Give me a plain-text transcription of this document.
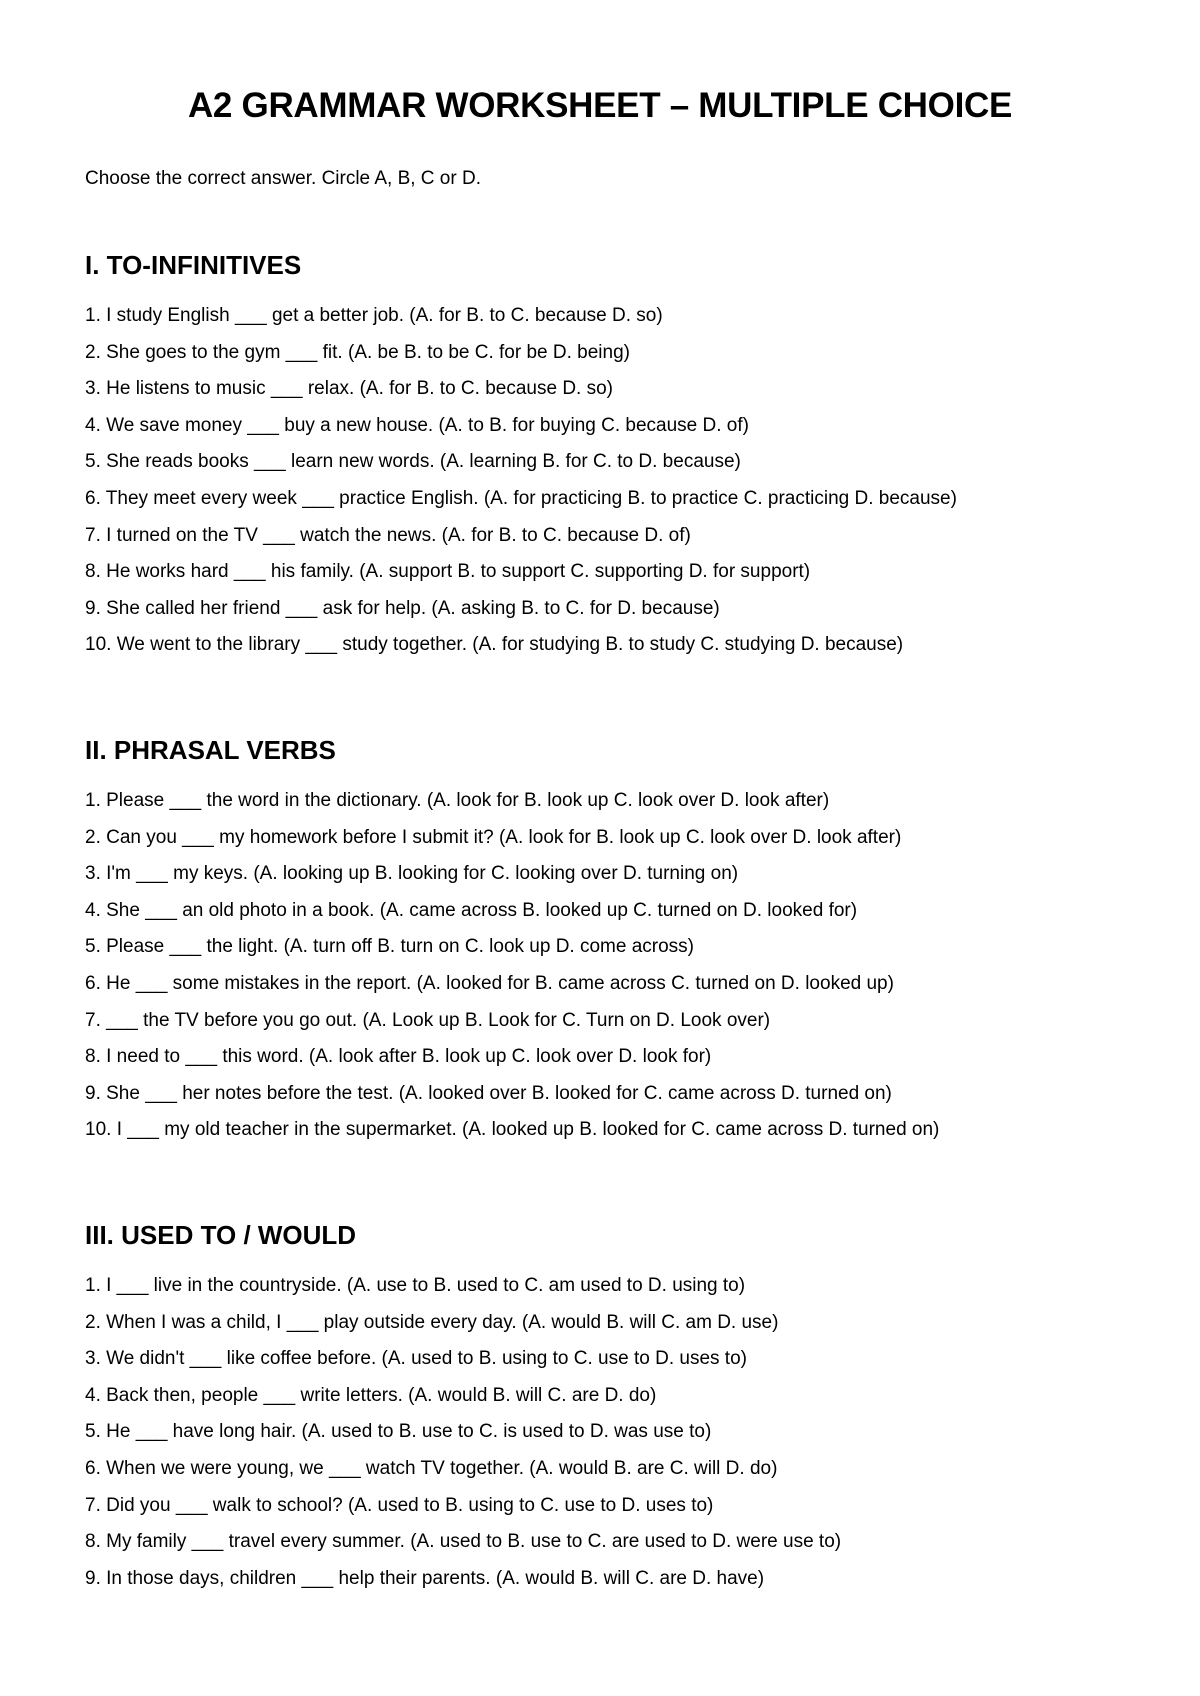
A2 GRAMMAR WORKSHEET – MULTIPLE CHOICE
Choose the correct answer. Circle A, B, C or D.
I. TO-INFINITIVES
1. I study English ___ get a better job. (A. for B. to C. because D. so)
2. She goes to the gym ___ fit. (A. be B. to be C. for be D. being)
3. He listens to music ___ relax. (A. for B. to C. because D. so)
4. We save money ___ buy a new house. (A. to B. for buying C. because D. of)
5. She reads books ___ learn new words. (A. learning B. for C. to D. because)
6. They meet every week ___ practice English. (A. for practicing B. to practice C. practicing D. because)
7. I turned on the TV ___ watch the news. (A. for B. to C. because D. of)
8. He works hard ___ his family. (A. support B. to support C. supporting D. for support)
9. She called her friend ___ ask for help. (A. asking B. to C. for D. because)
10. We went to the library ___ study together. (A. for studying B. to study C. studying D. because)
II. PHRASAL VERBS
1. Please ___ the word in the dictionary. (A. look for B. look up C. look over D. look after)
2. Can you ___ my homework before I submit it? (A. look for B. look up C. look over D. look after)
3. I'm ___ my keys. (A. looking up B. looking for C. looking over D. turning on)
4. She ___ an old photo in a book. (A. came across B. looked up C. turned on D. looked for)
5. Please ___ the light. (A. turn off B. turn on C. look up D. come across)
6. He ___ some mistakes in the report. (A. looked for B. came across C. turned on D. looked up)
7. ___ the TV before you go out. (A. Look up B. Look for C. Turn on D. Look over)
8. I need to ___ this word. (A. look after B. look up C. look over D. look for)
9. She ___ her notes before the test. (A. looked over B. looked for C. came across D. turned on)
10. I ___ my old teacher in the supermarket. (A. looked up B. looked for C. came across D. turned on)
III. USED TO / WOULD
1. I ___ live in the countryside. (A. use to B. used to C. am used to D. using to)
2. When I was a child, I ___ play outside every day. (A. would B. will C. am D. use)
3. We didn't ___ like coffee before. (A. used to B. using to C. use to D. uses to)
4. Back then, people ___ write letters. (A. would B. will C. are D. do)
5. He ___ have long hair. (A. used to B. use to C. is used to D. was use to)
6. When we were young, we ___ watch TV together. (A. would B. are C. will D. do)
7. Did you ___ walk to school? (A. used to B. using to C. use to D. uses to)
8. My family ___ travel every summer. (A. used to B. use to C. are used to D. were use to)
9. In those days, children ___ help their parents. (A. would B. will C. are D. have)
